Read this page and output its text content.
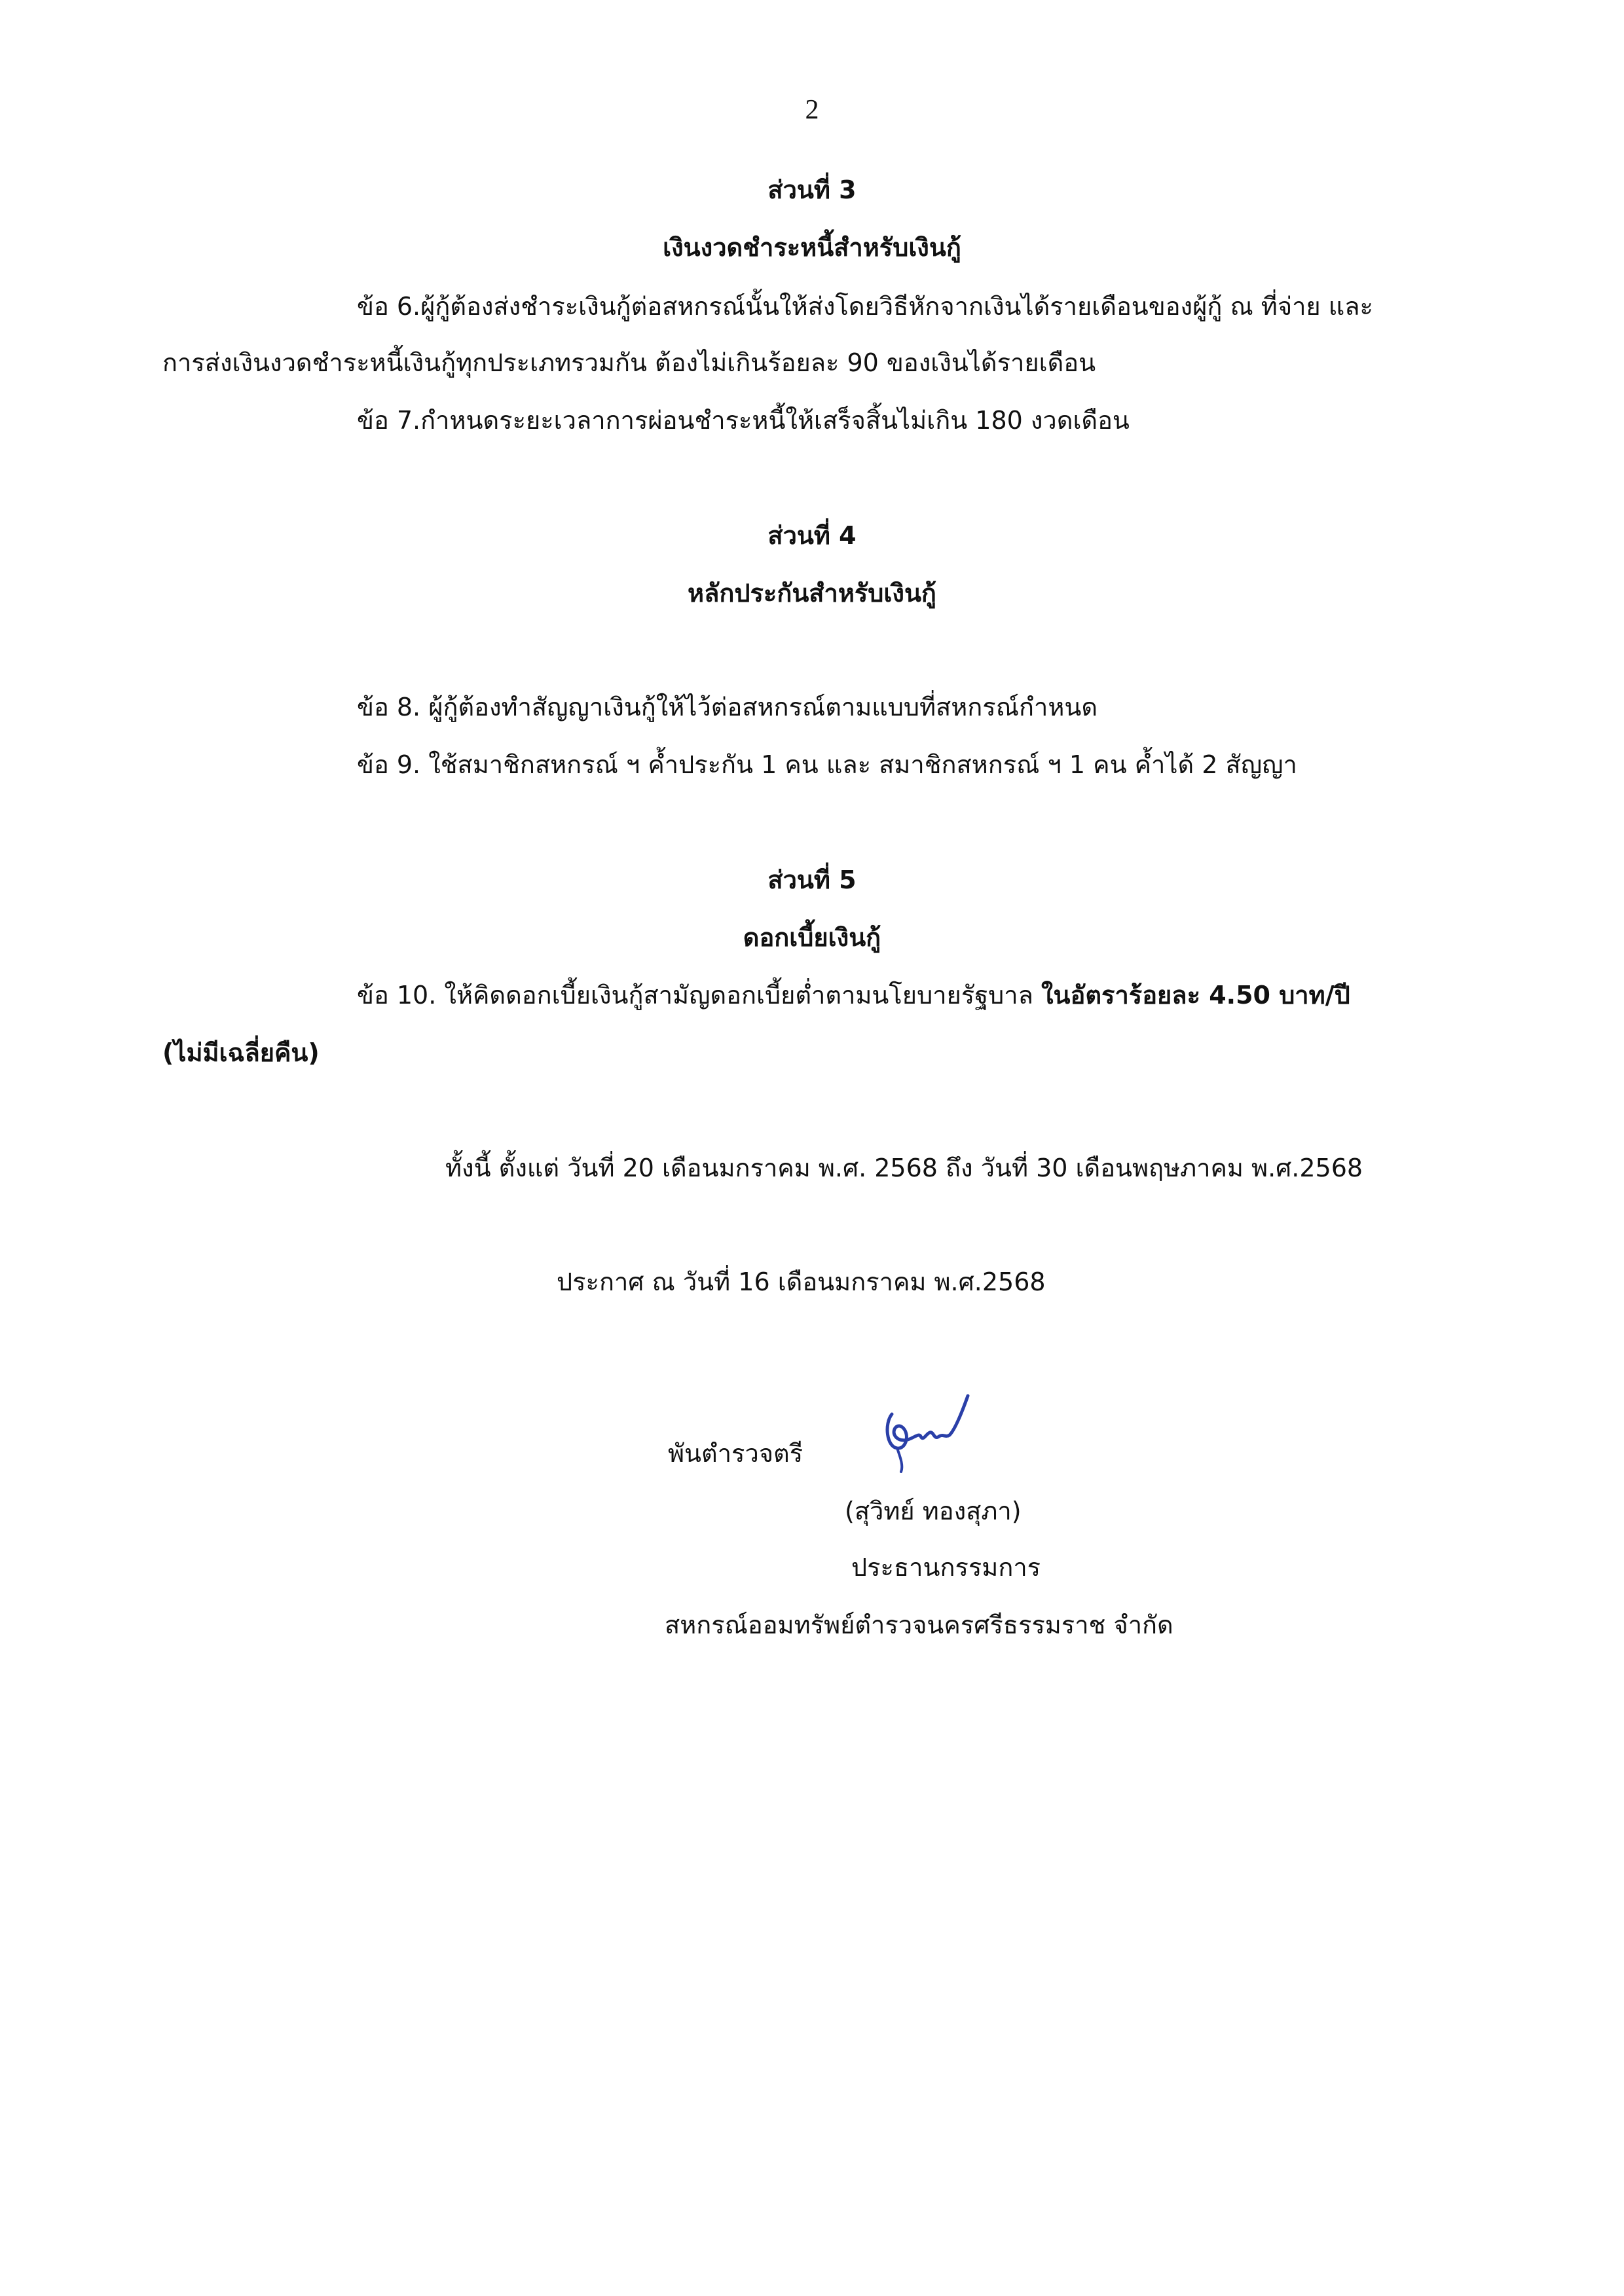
2
ส่วนที่ 3
เงินงวดชำระหนี้สำหรับเงินกู้
ข้อ 6.ผู้กู้ต้องส่งชำระเงินกู้ต่อสหกรณ์นั้นให้ส่งโดยวิธีหักจากเงินได้รายเดือนของผู้กู้ ณ ที่จ่าย และ
การส่งเงินงวดชำระหนี้เงินกู้ทุกประเภทรวมกัน ต้องไม่เกินร้อยละ 90 ของเงินได้รายเดือน
ข้อ 7.กำหนดระยะเวลาการผ่อนชำระหนี้ให้เสร็จสิ้นไม่เกิน 180 งวดเดือน
ส่วนที่ 4
หลักประกันสำหรับเงินกู้
ข้อ 8. ผู้กู้ต้องทำสัญญาเงินกู้ให้ไว้ต่อสหกรณ์ตามแบบที่สหกรณ์กำหนด
ข้อ 9. ใช้สมาชิกสหกรณ์ ฯ ค้ำประกัน 1 คน และ สมาชิกสหกรณ์ ฯ 1 คน ค้ำได้ 2 สัญญา
ส่วนที่ 5
ดอกเบี้ยเงินกู้
ข้อ 10. ให้คิดดอกเบี้ยเงินกู้สามัญดอกเบี้ยต่ำตามนโยบายรัฐบาล ในอัตราร้อยละ 4.50 บาท/ปี
(ไม่มีเฉลี่ยคืน)
ทั้งนี้ ตั้งแต่ วันที่ 20 เดือนมกราคม พ.ศ. 2568 ถึง วันที่ 30 เดือนพฤษภาคม พ.ศ.2568
ประกาศ ณ วันที่ 16 เดือนมกราคม พ.ศ.2568
พันตำรวจตรี
(สุวิทย์ ทองสุภา)
ประธานกรรมการ
สหกรณ์ออมทรัพย์ตำรวจนครศรีธรรมราช จำกัด
